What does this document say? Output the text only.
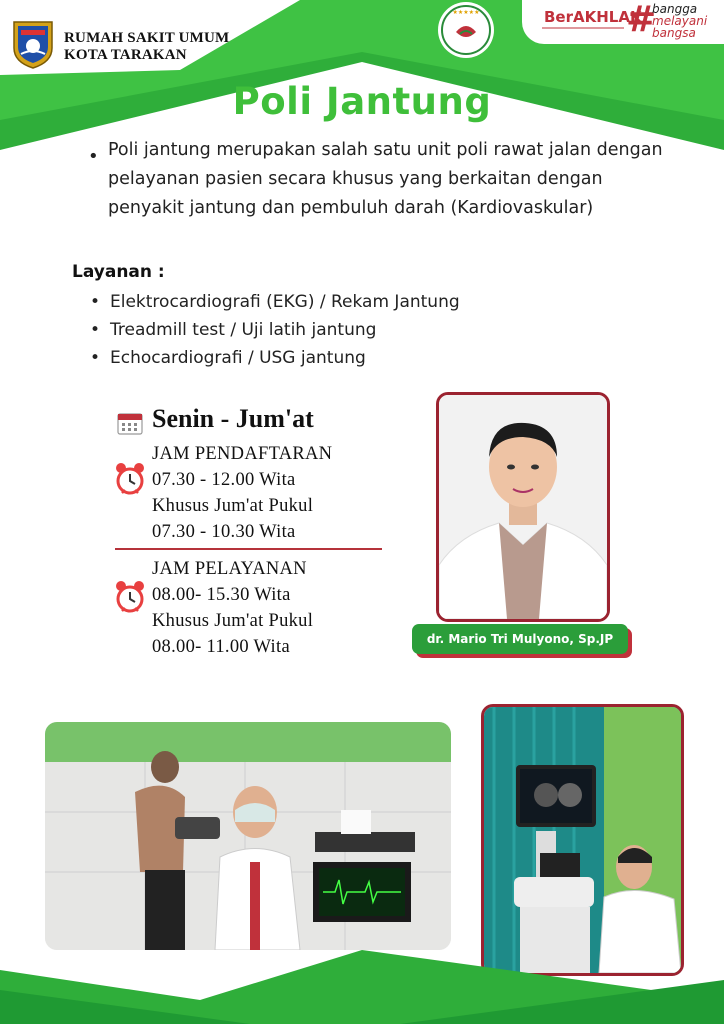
RUMAH SAKIT UMUM
KOTA TARAKAN
★★★★★	BerAKHLAK
#
bangga
melayani
bangsa
Poli Jantung
• Poli jantung merupakan salah satu unit poli rawat jalan dengan pelayanan pasien secara khusus yang berkaitan dengan penyakit jantung dan pembuluh darah (Kardiovaskular)
Layanan :
• Elektrocardiografi (EKG) / Rekam Jantung
• Treadmill test / Uji latih jantung
• Echocardiografi / USG jantung
Senin - Jum'at
JAM PENDAFTARAN
07.30 - 12.00 Wita
Khusus Jum'at Pukul
07.30 - 10.30 Wita
JAM PELAYANAN
08.00- 15.30 Wita
Khusus Jum'at Pukul
08.00- 11.00 Wita	dr. Mario Tri Mulyono, Sp.JP
